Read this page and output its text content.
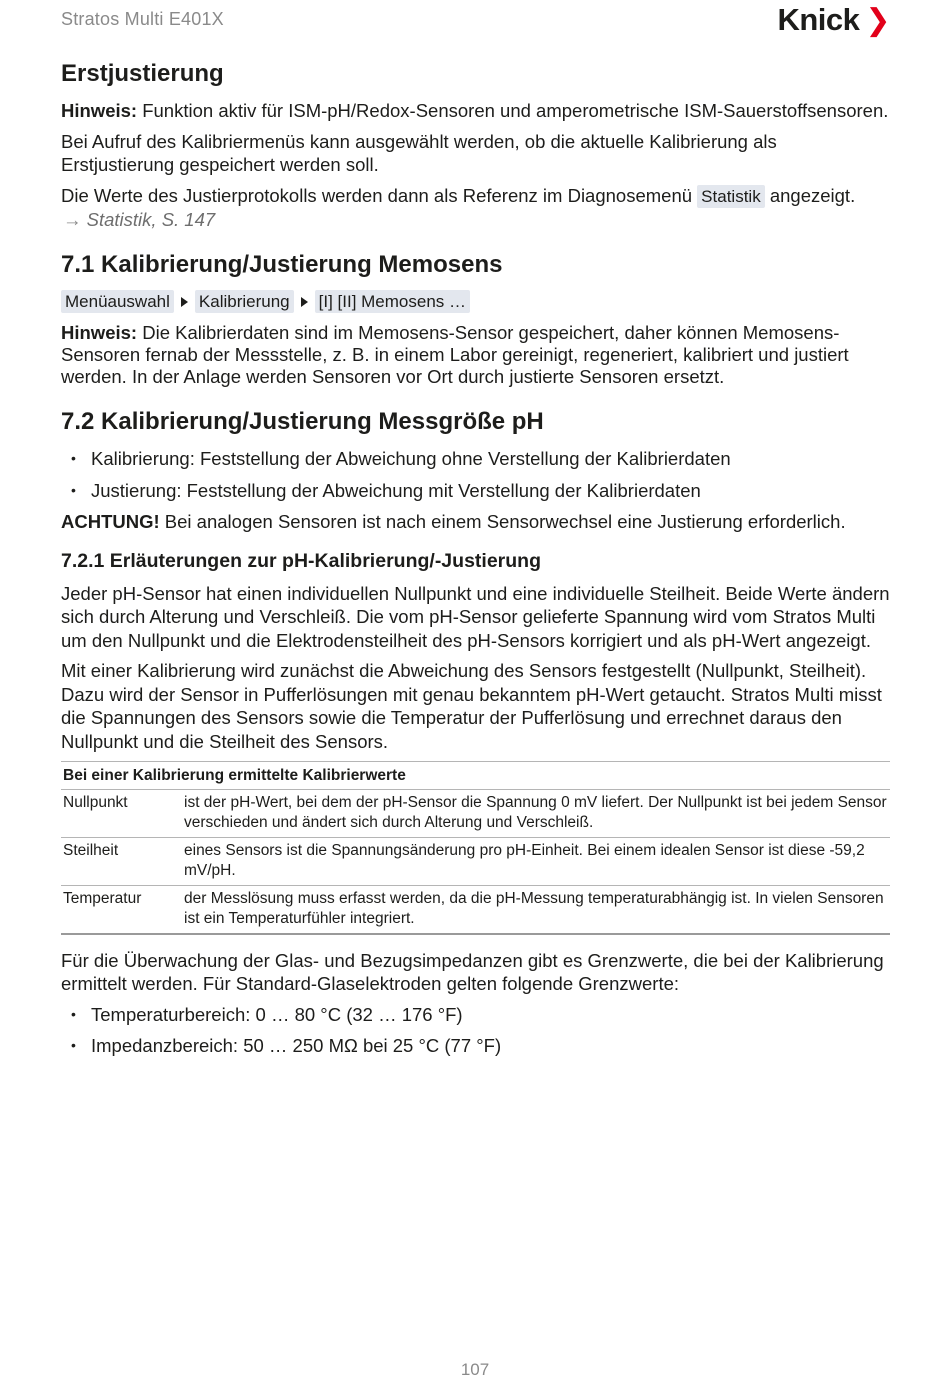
Stratos Multi E401X	Knick ❯
Erstjustierung

Hinweis: Funktion aktiv für ISM-pH/Redox-Sensoren und amperometrische ISM-Sauerstoffsensoren.

Bei Aufruf des Kalibriermenüs kann ausgewählt werden, ob die aktuelle Kalibrierung als Erstjustierung gespeichert werden soll.

Die Werte des Justierprotokolls werden dann als Referenz im Diagnosemenü Statistik angezeigt.
→ Statistik, S. 147

7.1 Kalibrierung/Justierung Memosens
Menüauswahl Kalibrierung [I] [II] Memosens …

Hinweis: Die Kalibrierdaten sind im Memosens-Sensor gespeichert, daher können Memosens-Sensoren fernab der Messstelle, z. B. in einem Labor gereinigt, regeneriert, kalibriert und justiert werden. In der Anlage werden Sensoren vor Ort durch justierte Sensoren ersetzt.

7.2 Kalibrierung/Justierung Messgröße pH
• Kalibrierung: Feststellung der Abweichung ohne Verstellung der Kalibrierdaten
• Justierung: Feststellung der Abweichung mit Verstellung der Kalibrierdaten

ACHTUNG! Bei analogen Sensoren ist nach einem Sensorwechsel eine Justierung erforderlich.

7.2.1 Erläuterungen zur pH-Kalibrierung/-Justierung

Jeder pH-Sensor hat einen individuellen Nullpunkt und eine individuelle Steilheit. Beide Werte ändern sich durch Alterung und Verschleiß. Die vom pH-Sensor gelieferte Spannung wird vom Stratos Multi um den Nullpunkt und die Elektrodensteilheit des pH-Sensors korrigiert und als pH-Wert angezeigt.

Mit einer Kalibrierung wird zunächst die Abweichung des Sensors festgestellt (Nullpunkt, Steilheit). Dazu wird der Sensor in Pufferlösungen mit genau bekanntem pH-Wert getaucht. Stratos Multi misst die Spannungen des Sensors sowie die Temperatur der Pufferlösung und errechnet daraus den Nullpunkt und die Steilheit des Sensors.

Bei einer Kalibrierung ermittelte Kalibrierwerte	
Nullpunkt	ist der pH-Wert, bei dem der pH-Sensor die Spannung 0 mV liefert. Der Nullpunkt ist bei jedem Sensor verschieden und ändert sich durch Alterung und Verschleiß.
Steilheit	eines Sensors ist die Spannungsänderung pro pH-Einheit. Bei einem idealen Sensor ist diese -59,2 mV/pH.
Temperatur	der Messlösung muss erfasst werden, da die pH-Messung temperaturabhängig ist. In vielen Sensoren ist ein Temperaturfühler integriert.

Für die Überwachung der Glas- und Bezugsimpedanzen gibt es Grenzwerte, die bei der Kalibrierung ermittelt werden. Für Standard-Glaselektroden gelten folgende Grenzwerte:

• Temperaturbereich: 0 … 80 °C (32 … 176 °F)
• Impedanzbereich: 50 … 250 MΩ bei 25 °C (77 °F)
107
